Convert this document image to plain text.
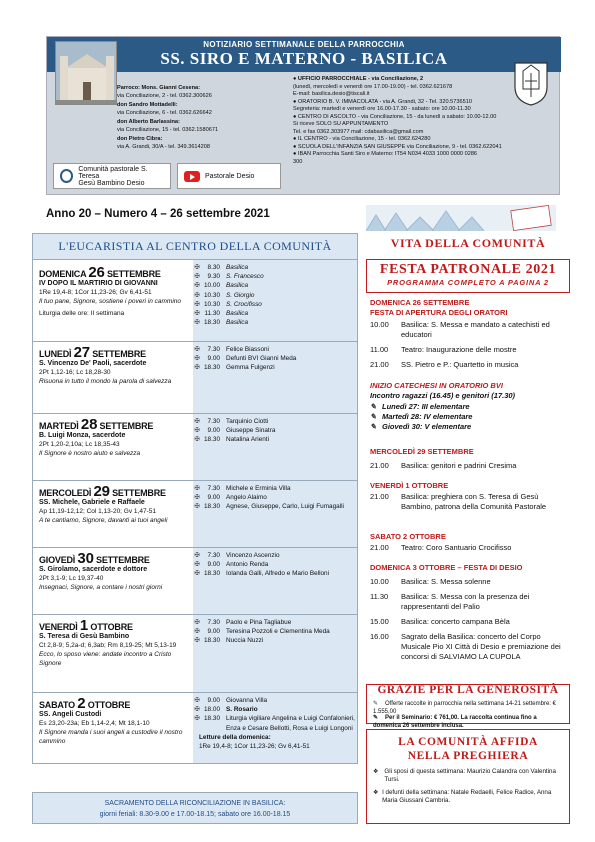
NOTIZIARIO SETTIMANALE DELLA PARROCCHIA
SS. SIRO E MATERNO - BASILICA
Parroco: Mons. Gianni Cesena:
via Conciliazione, 2 - tel. 0362.300626
don Sandro Mottadelli:
via Conciliazione, 6 - tel. 0362.626642
don Alberto Barlassina:
via Conciliazione, 15 - tel. 0362.1580671
don Pietro Cibra:
via A. Grandi, 30/A - tel. 349.3614208
● UFFICIO PARROCCHIALE - via Conciliazione, 2
(lunedì, mercoledì e venerdì ore 17.00-19.00) - tel. 0362.621678
E-mail: basilica.desio@tiscali.it
● ORATORIO B. V. IMMACOLATA - via A. Grandi, 32 - Tel. 320.5736510
Segreteria: martedì e venerdì ore 16.00-17.30 - sabato: ore 10.00-11.30
● CENTRO DI ASCOLTO - via Conciliazione, 15 - da lunedì a sabato: 10.00-12.00
Si riceve SOLO SU APPUNTAMENTO
Tel. e fax 0362.303977 mail: cdabasilica@gmail.com
● IL CENTRO - via Conciliazione, 15 - tel. 0362.624280
● SCUOLA DELL'INFANZIA SAN GIUSEPPE via Conciliazione, 9 - tel. 0362.622041
● IBAN Parrocchia Santi Siro e Materno: IT54 N034 4033 1000 0000 0286
300
Comunità pastorale S. Teresa
Gesù Bambino Desio
Pastorale Desio
Anno 20 – Numero 4 – 26 settembre 2021
L'EUCARISTIA AL CENTRO DELLA COMUNITÀ
DOMENICA 26 SETTEMBRE
IV DOPO IL MARTIRIO DI GIOVANNI
1Re 19,4-8; 1Cor 11,23-26; Gv 6,41-51
Il tuo pane, Signore, sostiene i poveri in cammino
Liturgia delle ore: II settimana
✠	8.30 Basilica
✠	9.30 S. Francesco
✠ 10.00 Basilica
✠ 10.30 S. Giorgio
✠ 10.30 S. Crocifisso
✠ 11.30 Basilica
✠ 18.30 Basilica
LUNEDÌ 27 SETTEMBRE
S. Vincenzo De' Paoli, sacerdote
2Pt 1,12-16; Lc 18,28-30
Risuona in tutto il mondo la parola di salvezza
✠	7.30 Felice Biassoni
✠	9.00 Defunti BVI Gianni Meda
✠ 18.30 Gemma Fulgenzi
MARTEDÌ 28 SETTEMBRE
B. Luigi Monza, sacerdote
2Pt 1,20-2,10a; Lc 18,35-43
Il Signore è nostro aiuto e salvezza
✠	7.30 Tarquinio Ciotti
✠	9.00 Giuseppe Sinatra
✠ 18.30 Natalina Arienti
MERCOLEDÌ 29 SETTEMBRE
SS. Michele, Gabriele e Raffaele
Ap 11,19-12,12; Col 1,13-20; Gv 1,47-51
A te cantiamo, Signore, davanti ai tuoi angeli
✠	7.30 Michele e Erminia Villa
✠	9.00 Angelo Alaimo
✠ 18.30 Agnese, Giuseppe, Carlo, Luigi Fumagalli
GIOVEDÌ 30 SETTEMBRE
S. Girolamo, sacerdote e dottore
2Pt 3,1-9; Lc 19,37-40
Insegnaci, Signore, a contare i nostri giorni
✠	7.30 Vincenzo Ascenzio
✠	9.00 Antonio Renda
✠ 18.30 Iolanda Galli, Alfredo e Mario Belloni
VENERDÌ 1 OTTOBRE
S. Teresa di Gesù Bambino
Ct 2,8-9; 5,2a-d; 6,3ab; Rm 8,19-25; Mt 5,13-19
Ecco, lo sposo viene: andate incontro a Cristo Signore
✠	7.30 Paolo e Pina Tagliabue
✠	9.00 Teresina Pozzoli e Clementina Meda
✠ 18.30 Nuccia Nuzzi
SABATO 2 OTTOBRE
SS. Angeli Custodi
Es 23,20-23a; Eb 1,14-2,4; Mt 18,1-10
Il Signore manda i suoi angeli a custodire il nostro cammino
✠	9.00 Giovanna Villa
✠ 18.00 S. Rosario
✠ 18.30 Liturgia vigiliare Angelina e Luigi Confalonieri, Enza e Cesare Bellotti, Rosa e Luigi Longoni
Letture della domenica:
1Re 19,4-8; 1Cor 11,23-26; Gv 6,41-51
SACRAMENTO DELLA RICONCILIAZIONE IN BASILICA:
giorni feriali: 8.30-9.00 e 17.00-18.15; sabato ore 16.00-18.15
VITA DELLA COMUNITÀ
FESTA PATRONALE 2021
PROGRAMMA COMPLETO A PAGINA 2
DOMENICA 26 SETTEMBRE
FESTA DI APERTURA DEGLI ORATORI
10.00	Basilica: S. Messa e mandato a catechisti ed educatori
11.00	Teatro: Inaugurazione delle mostre
21.00	SS. Pietro e P.: Quartetto in musica
INIZIO CATECHESI IN ORATORIO BVI
Incontro ragazzi (16.45) e genitori (17.30)
✎ Lunedì 27: III elementare
✎ Martedì 28: IV elementare
✎ Giovedì 30: V elementare
MERCOLEDÌ 29 SETTEMBRE
21.00	Basilica: genitori e padrini Cresima
VENERDÌ 1 OTTOBRE
21.00	Basilica: preghiera con S. Teresa di Gesù Bambino, patrona della Comunità Pastorale
SABATO 2 OTTOBRE
21.00	Teatro: Coro Santuario Crocifisso
DOMENICA 3 OTTOBRE – FESTA DI DESIO
10.00	Basilica: S. Messa solenne
11.30	Basilica: S. Messa con la presenza dei rappresentanti del Palio
15.00	Basilica: concerto campana Bèla
16.00	Sagrato della Basilica: concerto del Corpo Musicale Pio XI Città di Desio e premiazione dei concorsi di SALVIAMO LA CUPOLA
GRAZIE PER LA GENEROSITÀ
✎ Offerte raccolte in parrocchia nella settimana 14-21 settembre: € 1.555,00
✎ Per il Seminario: € 761,00. La raccolta continua fino a domenica 26 settembre inclusa.
LA COMUNITÀ AFFIDA
NELLA PREGHIERA
❖ Gli sposi di questa settimana: Maurizio Calandra con Valentina Tursi.
❖ I defunti della settimana: Natale Redaelli, Felice Radice, Anna Maria Giussani Cambria.
